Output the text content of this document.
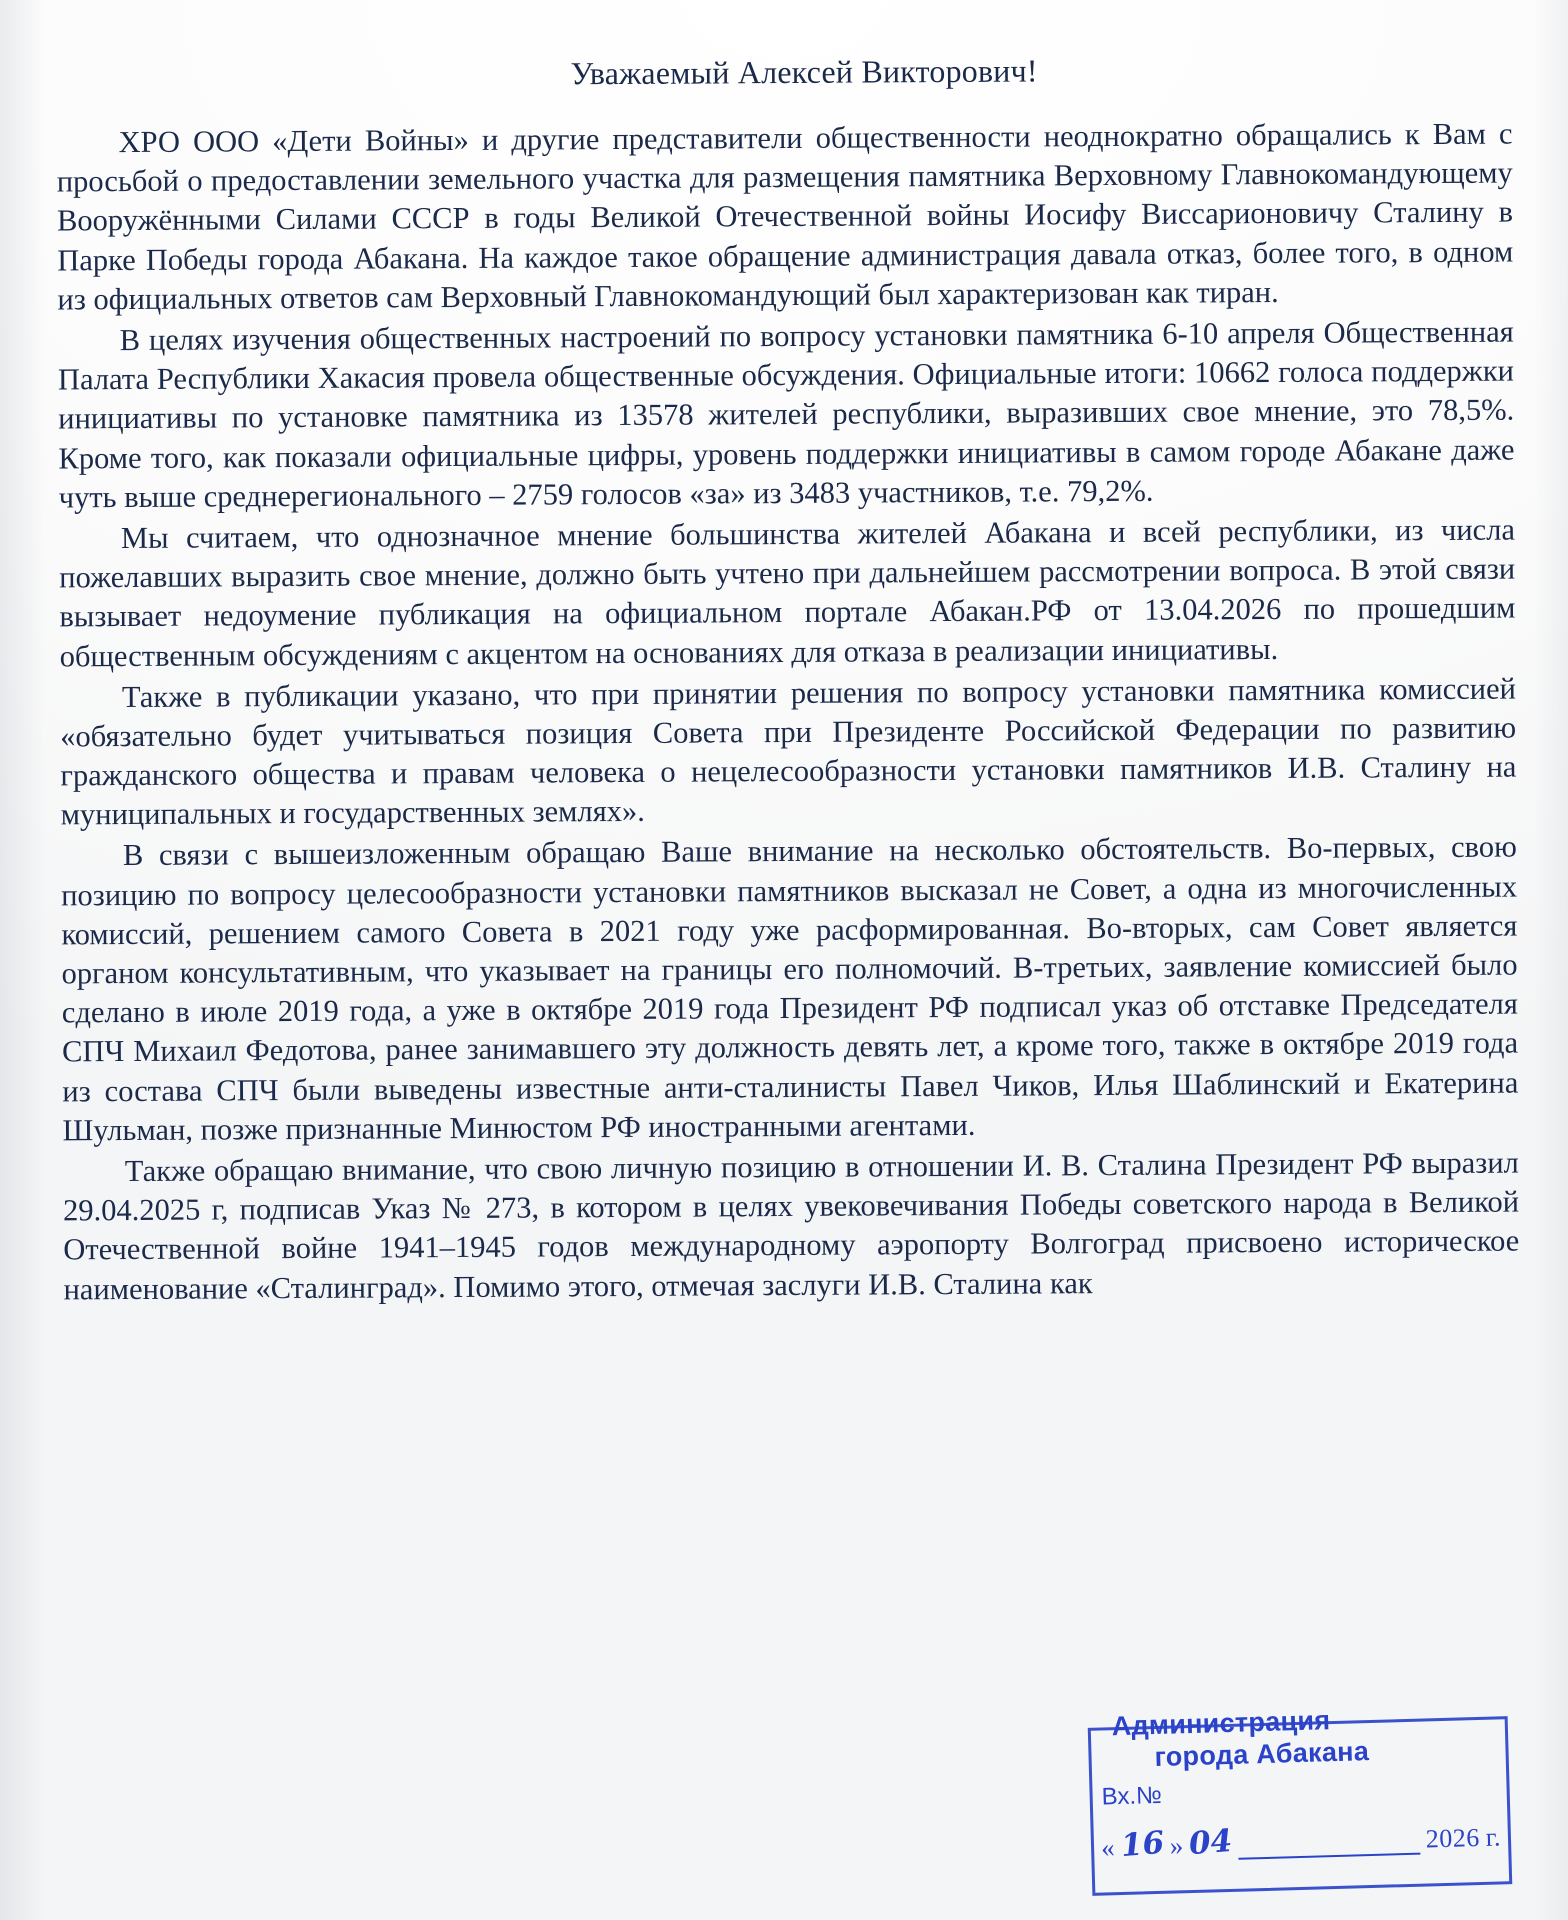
Уважаемый Алексей Викторович!

ХРО ООО «Дети Войны» и другие представители общественности неоднократно обращались к Вам с просьбой о предоставлении земельного участка для размещения памятника Верховному Главнокомандующему Вооружёнными Силами СССР в годы Великой Отечественной войны Иосифу Виссарионовичу Сталину в Парке Победы города Абакана. На каждое такое обращение администрация давала отказ, более того, в одном из официальных ответов сам Верховный Главнокомандующий был характеризован как тиран.

В целях изучения общественных настроений по вопросу установки памятника 6-10 апреля Общественная Палата Республики Хакасия провела общественные обсуждения. Официальные итоги: 10662 голоса поддержки инициативы по установке памятника из 13578 жителей республики, выразивших свое мнение, это 78,5%. Кроме того, как показали официальные цифры, уровень поддержки инициативы в самом городе Абакане даже чуть выше среднерегионального – 2759 голосов «за» из 3483 участников, т.е. 79,2%.

Мы считаем, что однозначное мнение большинства жителей Абакана и всей республики, из числа пожелавших выразить свое мнение, должно быть учтено при дальнейшем рассмотрении вопроса. В этой связи вызывает недоумение публикация на официальном портале Абакан.РФ от 13.04.2026 по прошедшим общественным обсуждениям с акцентом на основаниях для отказа в реализации инициативы.

Также в публикации указано, что при принятии решения по вопросу установки памятника комиссией «обязательно будет учитываться позиция Совета при Президенте Российской Федерации по развитию гражданского общества и правам человека о нецелесообразности установки памятников И.В. Сталину на муниципальных и государственных землях».

В связи с вышеизложенным обращаю Ваше внимание на несколько обстоятельств. Во-первых, свою позицию по вопросу целесообразности установки памятников высказал не Совет, а одна из многочисленных комиссий, решением самого Совета в 2021 году уже расформированная. Во-вторых, сам Совет является органом консультативным, что указывает на границы его полномочий. В-третьих, заявление комиссией было сделано в июле 2019 года, а уже в октябре 2019 года Президент РФ подписал указ об отставке Председателя СПЧ Михаил Федотова, ранее занимавшего эту должность девять лет, а кроме того, также в октябре 2019 года из состава СПЧ были выведены известные анти-сталинисты Павел Чиков, Илья Шаблинский и Екатерина Шульман, позже признанные Минюстом РФ иностранными агентами.

Также обращаю внимание, что свою личную позицию в отношении И. В. Сталина Президент РФ выразил 29.04.2025 г, подписав Указ № 273, в котором в целях увековечивания Победы советского народа в Великой Отечественной войне 1941–1945 годов международному аэропорту Волгоград присвоено историческое наименование «Сталинград». Помимо этого, отмечая заслуги И.В. Сталина как

Администрация
города Абакана
Вх.№
« 16 » 04	2026 г.
